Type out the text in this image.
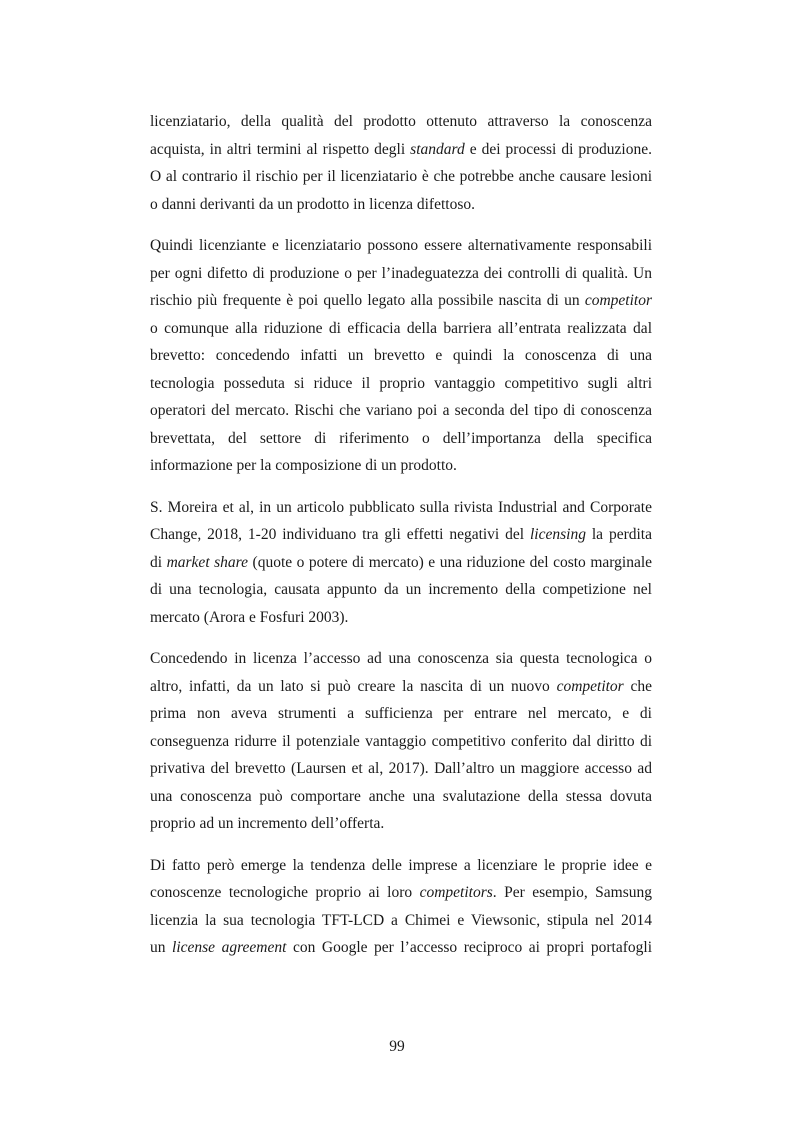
licenziatario, della qualità del prodotto ottenuto attraverso la conoscenza
acquista, in altri termini al rispetto degli standard e dei processi di produzione.
O al contrario il rischio per il licenziatario è che potrebbe anche causare lesioni
o danni derivanti da un prodotto in licenza difettoso.

Quindi licenziante e licenziatario possono essere alternativamente responsabili
per ogni difetto di produzione o per l’inadeguatezza dei controlli di qualità. Un
rischio più frequente è poi quello legato alla possibile nascita di un competitor
o comunque alla riduzione di efficacia della barriera all’entrata realizzata dal
brevetto: concedendo infatti un brevetto e quindi la conoscenza di una
tecnologia posseduta si riduce il proprio vantaggio competitivo sugli altri
operatori del mercato. Rischi che variano poi a seconda del tipo di conoscenza
brevettata, del settore di riferimento o dell’importanza della specifica
informazione per la composizione di un prodotto.

S. Moreira et al, in un articolo pubblicato sulla rivista Industrial and Corporate
Change, 2018, 1-20 individuano tra gli effetti negativi del licensing la perdita
di market share (quote o potere di mercato) e una riduzione del costo marginale
di una tecnologia, causata appunto da un incremento della competizione nel
mercato (Arora e Fosfuri 2003).

Concedendo in licenza l’accesso ad una conoscenza sia questa tecnologica o
altro, infatti, da un lato si può creare la nascita di un nuovo competitor che
prima non aveva strumenti a sufficienza per entrare nel mercato, e di
conseguenza ridurre il potenziale vantaggio competitivo conferito dal diritto di
privativa del brevetto (Laursen et al, 2017). Dall’altro un maggiore accesso ad
una conoscenza può comportare anche una svalutazione della stessa dovuta
proprio ad un incremento dell’offerta.

Di fatto però emerge la tendenza delle imprese a licenziare le proprie idee e
conoscenze tecnologiche proprio ai loro competitors. Per esempio, Samsung
licenzia la sua tecnologia TFT-LCD a Chimei e Viewsonic, stipula nel 2014
un license agreement con Google per l’accesso reciproco ai propri portafogli

99
